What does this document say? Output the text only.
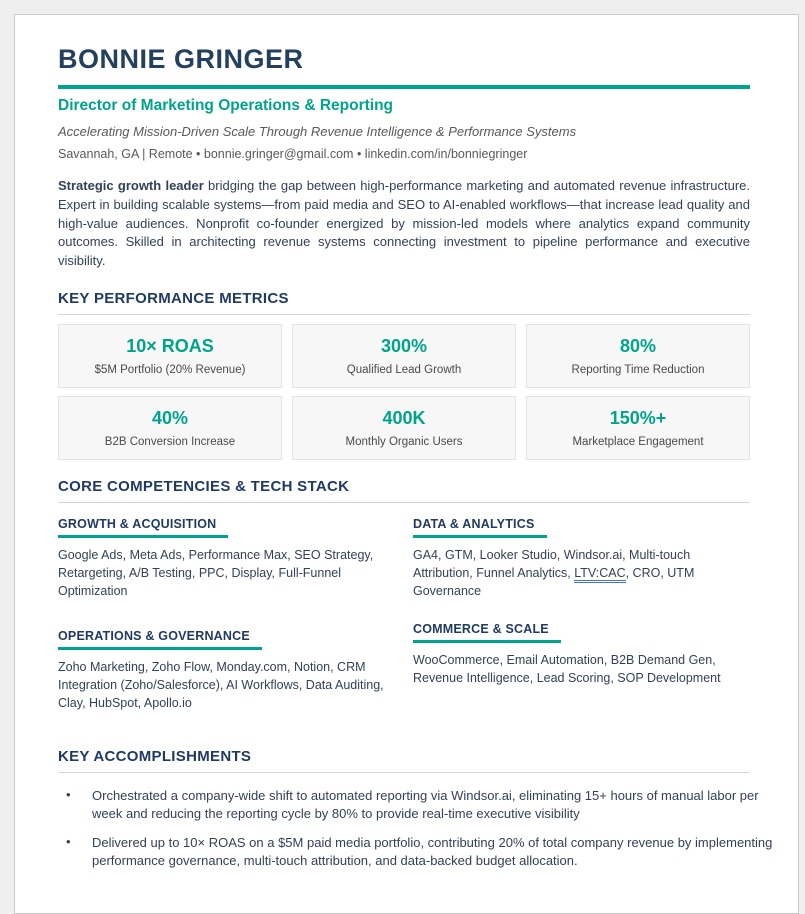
BONNIE GRINGER
Director of Marketing Operations & Reporting
Accelerating Mission-Driven Scale Through Revenue Intelligence & Performance Systems
Savannah, GA | Remote • bonnie.gringer@gmail.com • linkedin.com/in/bonniegringer
Strategic growth leader bridging the gap between high-performance marketing and automated revenue infrastructure. Expert in building scalable systems—from paid media and SEO to AI-enabled workflows—that increase lead quality and high-value audiences. Nonprofit co-founder energized by mission-led models where analytics expand community outcomes. Skilled in architecting revenue systems connecting investment to pipeline performance and executive visibility.
KEY PERFORMANCE METRICS
10× ROAS
$5M Portfolio (20% Revenue)
300%
Qualified Lead Growth
80%
Reporting Time Reduction
40%
B2B Conversion Increase
400K
Monthly Organic Users
150%+
Marketplace Engagement
CORE COMPETENCIES & TECH STACK
GROWTH & ACQUISITION
Google Ads, Meta Ads, Performance Max, SEO Strategy, Retargeting, A/B Testing, PPC, Display, Full-Funnel Optimization
DATA & ANALYTICS
GA4, GTM, Looker Studio, Windsor.ai, Multi-touch Attribution, Funnel Analytics, LTV:CAC, CRO, UTM Governance
OPERATIONS & GOVERNANCE
Zoho Marketing, Zoho Flow, Monday.com, Notion, CRM Integration (Zoho/Salesforce), AI Workflows, Data Auditing, Clay, HubSpot, Apollo.io
COMMERCE & SCALE
WooCommerce, Email Automation, B2B Demand Gen, Revenue Intelligence, Lead Scoring, SOP Development
KEY ACCOMPLISHMENTS
• Orchestrated a company-wide shift to automated reporting via Windsor.ai, eliminating 15+ hours of manual labor per week and reducing the reporting cycle by 80% to provide real-time executive visibility
• Delivered up to 10× ROAS on a $5M paid media portfolio, contributing 20% of total company revenue by implementing performance governance, multi-touch attribution, and data-backed budget allocation.
